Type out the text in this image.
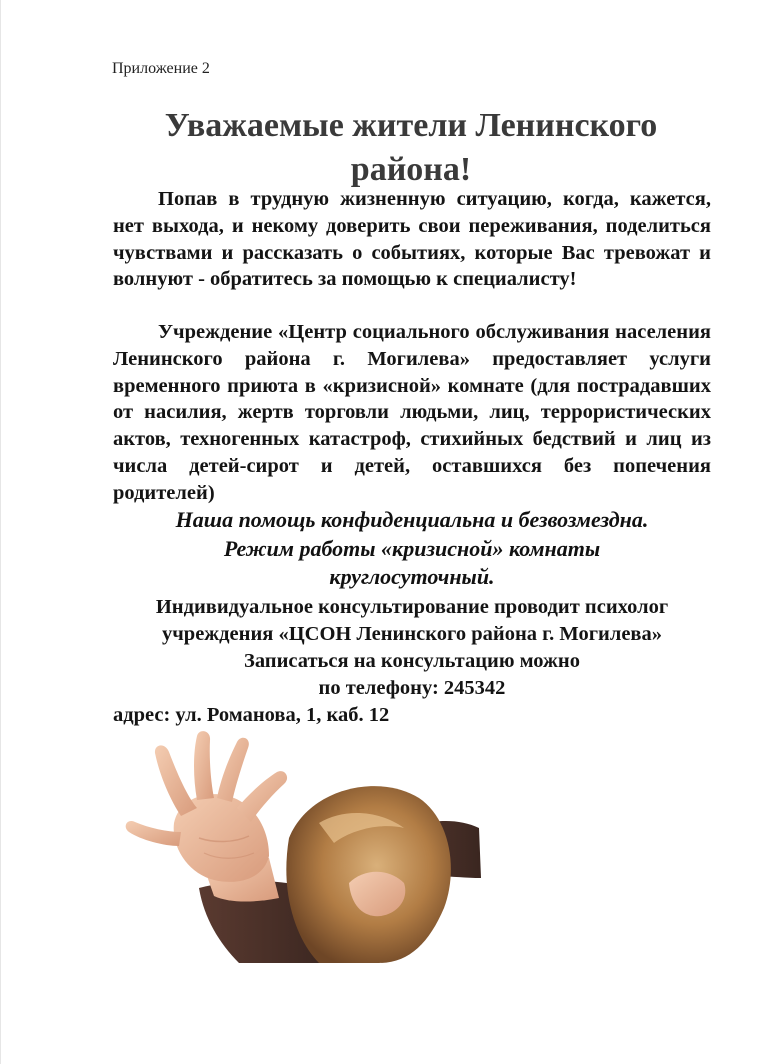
Приложение 2
Уважаемые жители Ленинского
района!

Попав в трудную жизненную ситуацию, когда, кажется, нет выхода, и некому доверить свои переживания, поделиться чувствами и рассказать о событиях, которые Вас тревожат и волнуют - обратитесь за помощью к специалисту!

Учреждение «Центр социального обслуживания населения Ленинского района г. Могилева» предоставляет услуги временного приюта в «кризисной» комнате (для пострадавших от насилия, жертв торговли людьми, лиц, террористических актов, техногенных катастроф, стихийных бедствий и лиц из числа детей-сирот и детей, оставшихся без попечения родителей)

Наша помощь конфиденциальна и безвозмездна.
Режим работы «кризисной» комнаты
круглосуточный.
Индивидуальное консультирование проводит психолог
учреждения «ЦСОН Ленинского района г. Могилева»
Записаться на консультацию можно
по телефону: 245342
адрес: ул. Романова, 1, каб. 12
